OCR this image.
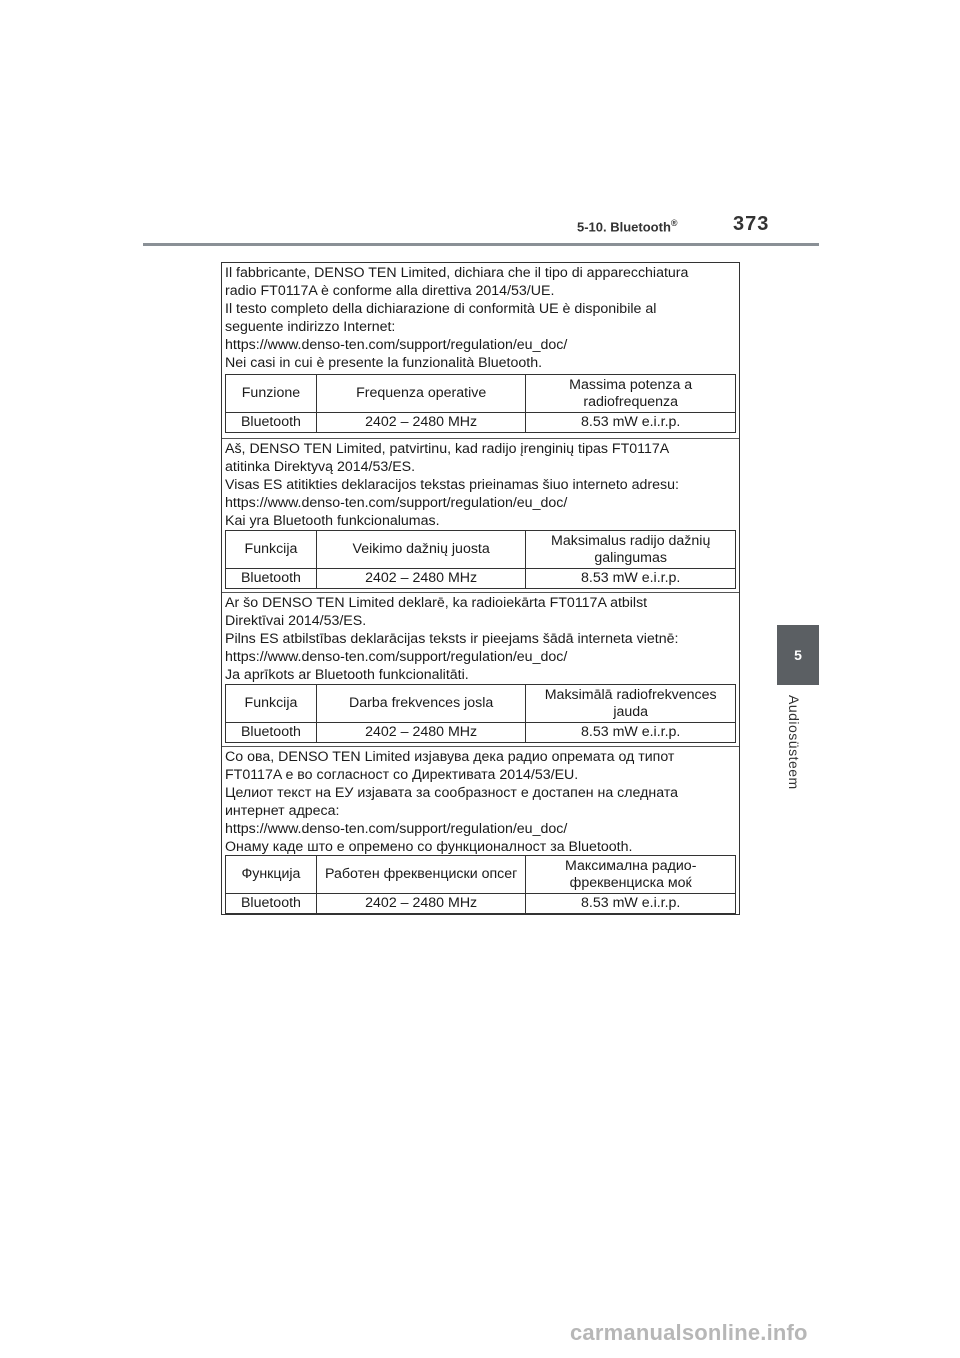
5-10. Bluetooth®	373
5
Audiosüsteem

Il fabbricante, DENSO TEN Limited, dichiara che il tipo di apparecchiatura

radio FT0117A è conforme alla direttiva 2014/53/UE.

Il testo completo della dichiarazione di conformità UE è disponibile al

seguente indirizzo Internet:

https://www.denso-ten.com/support/regulation/eu_doc/

Nei casi in cui è presente la funzionalità Bluetooth.

Funzione	Frequenza operative	Massima potenza a radiofrequenza
Bluetooth	2402 – 2480 MHz	8.53 mW e.i.r.p.

Aš, DENSO TEN Limited, patvirtinu, kad radijo įrenginių tipas FT0117A

atitinka Direktyvą 2014/53/ES.

Visas ES atitikties deklaracijos tekstas prieinamas šiuo interneto adresu:

https://www.denso-ten.com/support/regulation/eu_doc/

Kai yra Bluetooth funkcionalumas.

Funkcija	Veikimo dažnių juosta	Maksimalus radijo dažnių galingumas
Bluetooth	2402 – 2480 MHz	8.53 mW e.i.r.p.

Ar šo DENSO TEN Limited deklarē, ka radioiekārta FT0117A atbilst

Direktīvai 2014/53/ES.

Pilns ES atbilstības deklarācijas teksts ir pieejams šādā interneta vietnē:

https://www.denso-ten.com/support/regulation/eu_doc/

Ja aprīkots ar Bluetooth funkcionalitāti.

Funkcija	Darba frekvences josla	Maksimālā radiofrekvences jauda
Bluetooth	2402 – 2480 MHz	8.53 mW e.i.r.p.

Со ова, DENSO TEN Limited изјавува дека радио опремата од типот

FT0117A е во согласност со Директивата 2014/53/EU.

Целиот текст на ЕУ изјавата за сообразност е достапен на следната

интернет адреса:

https://www.denso-ten.com/support/regulation/eu_doc/

Онаму каде што е опремено со функционалност за Bluetooth.

Функција	Работен фреквенциски опсег	Максимална радио-фреквенциска моќ
Bluetooth	2402 – 2480 MHz	8.53 mW e.i.r.p.
carmanualsonline.info
